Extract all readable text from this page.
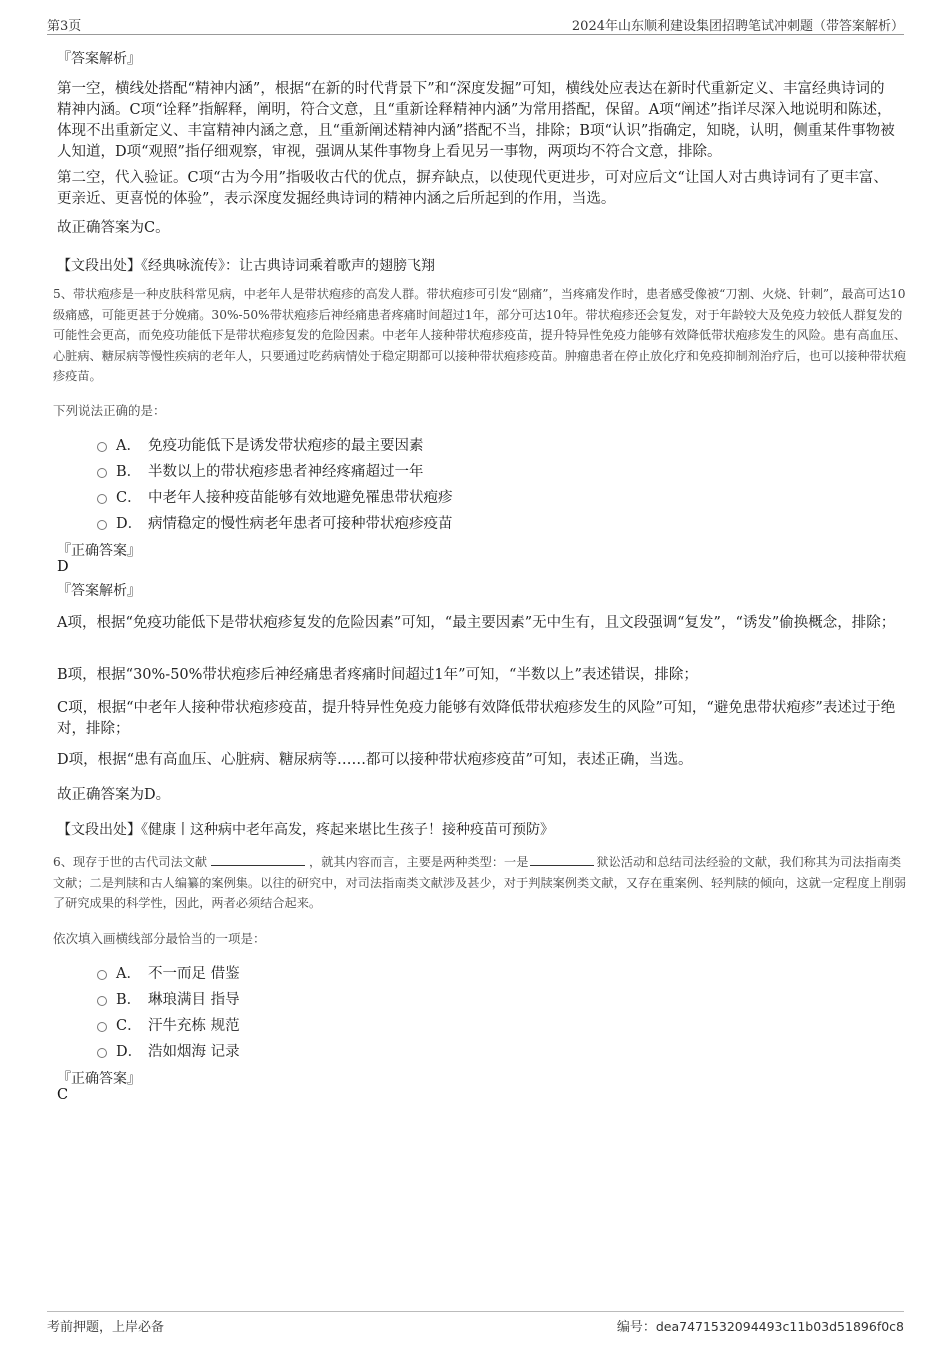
第3页	2024年山东顺利建设集团招聘笔试冲刺题（带答案解析）
『答案解析』
第一空，横线处搭配“精神内涵”，根据“在新的时代背景下”和“深度发掘”可知，横线处应表达在新时代重新定义、丰富经典诗词的精神内涵。C项“诠释”指解释，阐明，符合文意，且“重新诠释精神内涵”为常用搭配，保留。A项“阐述”指详尽深入地说明和陈述，体现不出重新定义、丰富精神内涵之意，且“重新阐述精神内涵”搭配不当，排除；B项“认识”指确定，知晓，认明，侧重某件事物被人知道，D项“观照”指仔细观察，审视，强调从某件事物身上看见另一事物，两项均不符合文意，排除。
第二空，代入验证。C项“古为今用”指吸收古代的优点，摒弃缺点，以使现代更进步，可对应后文“让国人对古典诗词有了更丰富、更亲近、更喜悦的体验”，表示深度发掘经典诗词的精神内涵之后所起到的作用，当选。
故正确答案为C。
【文段出处】《经典咏流传》：让古典诗词乘着歌声的翅膀飞翔
5、带状疱疹是一种皮肤科常见病，中老年人是带状疱疹的高发人群。带状疱疹可引发“剧痛”，当疼痛发作时，患者感受像被“刀割、火烧、针刺”，最高可达10级痛感，可能更甚于分娩痛。30%-50%带状疱疹后神经痛患者疼痛时间超过1年，部分可达10年。带状疱疹还会复发，对于年龄较大及免疫力较低人群复发的可能性会更高，而免疫功能低下是带状疱疹复发的危险因素。中老年人接种带状疱疹疫苗，提升特异性免疫力能够有效降低带状疱疹发生的风险。患有高血压、心脏病、糖尿病等慢性疾病的老年人，只要通过吃药病情处于稳定期都可以接种带状疱疹疫苗。肿瘤患者在停止放化疗和免疫抑制剂治疗后，也可以接种带状疱疹疫苗。
下列说法正确的是：
A． 免疫功能低下是诱发带状疱疹的最主要因素
B． 半数以上的带状疱疹患者神经疼痛超过一年
C． 中老年人接种疫苗能够有效地避免罹患带状疱疹
D． 病情稳定的慢性病老年患者可接种带状疱疹疫苗
『正确答案』
D
『答案解析』
A项，根据“免疫功能低下是带状疱疹复发的危险因素”可知，“最主要因素”无中生有，且文段强调“复发”，“诱发”偷换概念，排除；
B项，根据“30%-50%带状疱疹后神经痛患者疼痛时间超过1年”可知，“半数以上”表述错误，排除；
C项，根据“中老年人接种带状疱疹疫苗，提升特异性免疫力能够有效降低带状疱疹发生的风险”可知，“避免患带状疱疹”表述过于绝对，排除；
D项，根据“患有高血压、心脏病、糖尿病等……都可以接种带状疱疹疫苗”可知，表述正确，当选。
故正确答案为D。
【文段出处】《健康丨这种病中老年高发，疼起来堪比生孩子！接种疫苗可预防》
6、现存于世的古代司法文献	，就其内容而言，主要是两种类型：一是	狱讼活动和总结司法经验的文献，我们称其为司法指南类文献；二是判牍和古人编纂的案例集。以往的研究中，对司法指南类文献涉及甚少，对于判牍案例类文献，又存在重案例、轻判牍的倾向，这就一定程度上削弱了研究成果的科学性，因此，两者必须结合起来。
依次填入画横线部分最恰当的一项是：
A． 不一而足 借鉴
B． 琳琅满目 指导
C． 汗牛充栋 规范
D． 浩如烟海 记录
『正确答案』
C
考前押题，上岸必备	编号：dea7471532094493c11b03d51896f0c8
